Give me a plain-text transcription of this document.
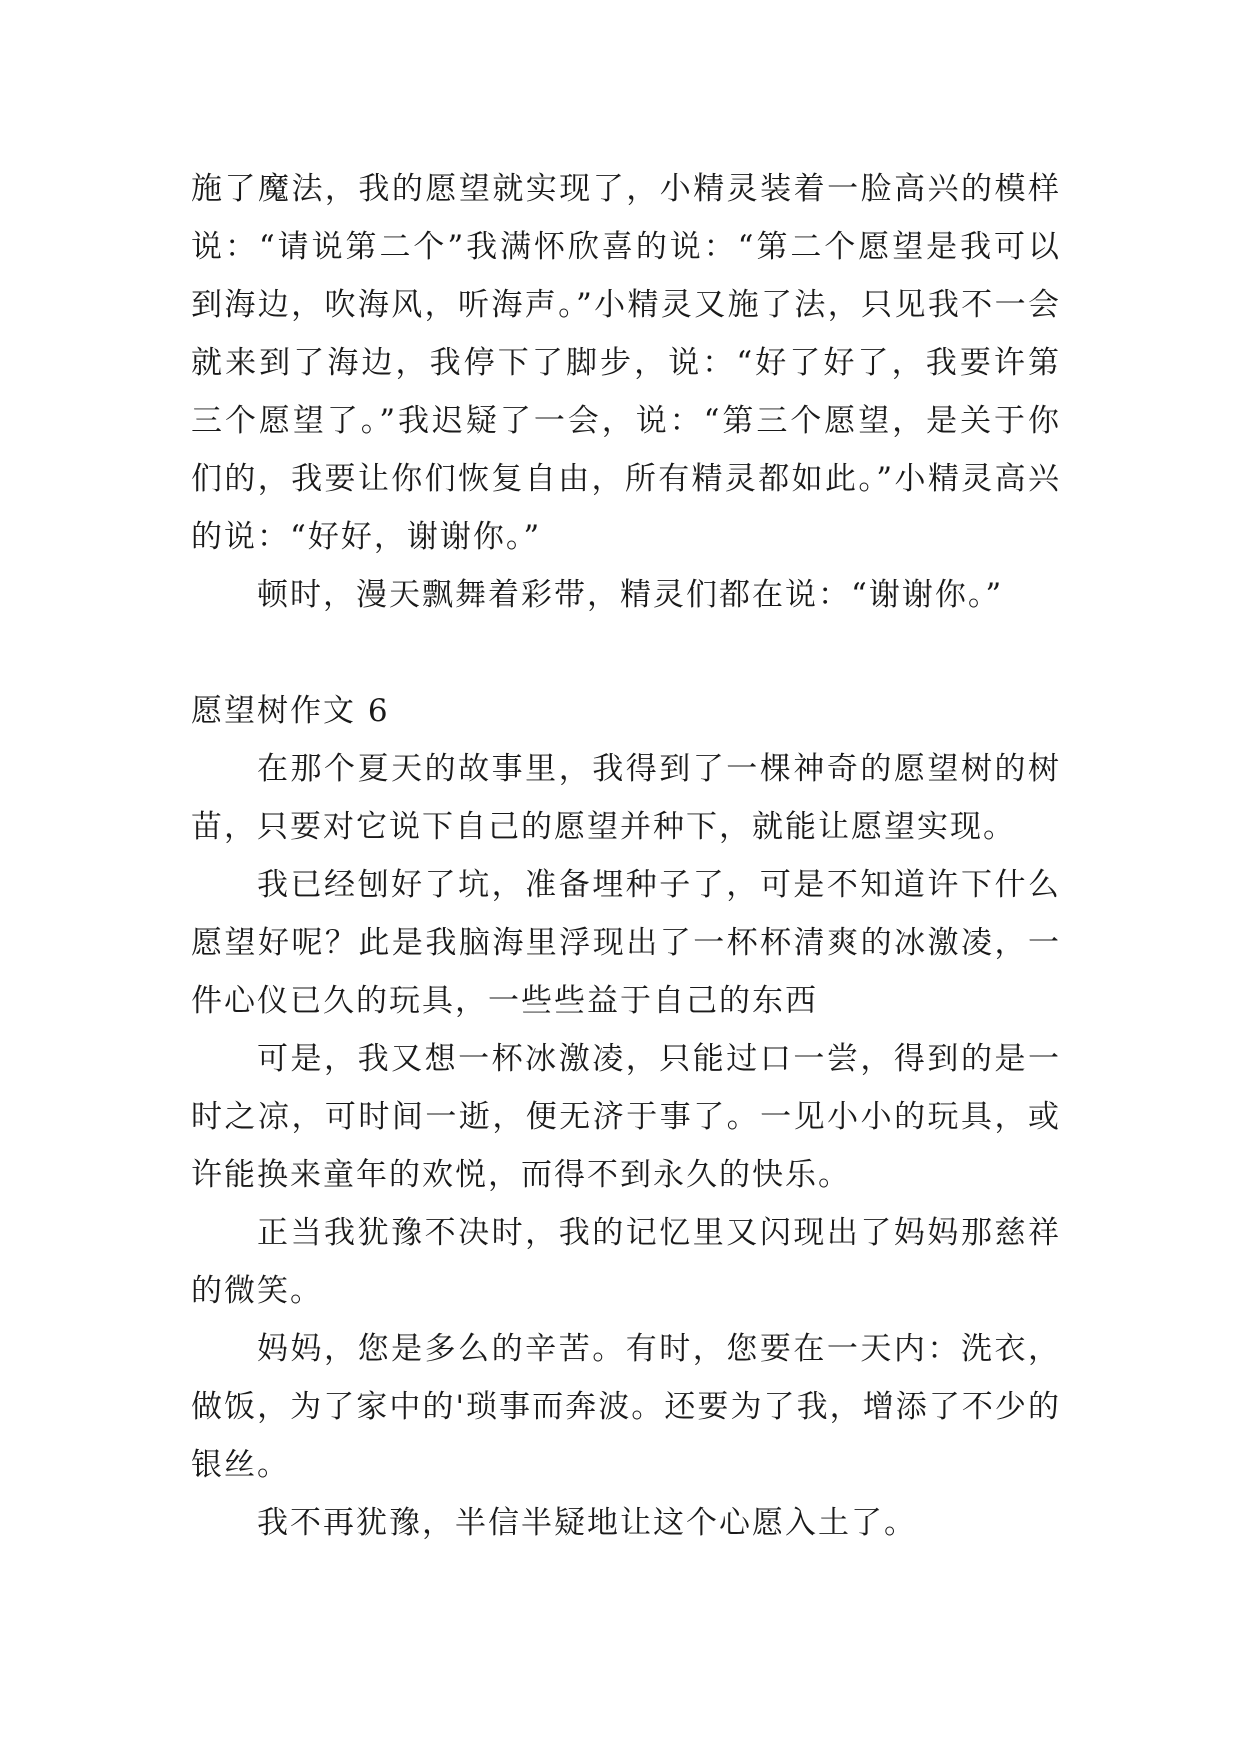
施了魔法，我的愿望就实现了，小精灵装着一脸高兴的模样说：“请说第二个”我满怀欣喜的说：“第二个愿望是我可以到海边，吹海风，听海声。”小精灵又施了法，只见我不一会就来到了海边，我停下了脚步，说：“好了好了，我要许第三个愿望了。”我迟疑了一会，说：“第三个愿望，是关于你们的，我要让你们恢复自由，所有精灵都如此。”小精灵高兴的说：“好好，谢谢你。”

顿时，漫天飘舞着彩带，精灵们都在说：“谢谢你。”

愿望树作文 6

在那个夏天的故事里，我得到了一棵神奇的愿望树的树苗，只要对它说下自己的愿望并种下，就能让愿望实现。

我已经刨好了坑，准备埋种子了，可是不知道许下什么愿望好呢？此是我脑海里浮现出了一杯杯清爽的冰激凌，一件心仪已久的玩具，一些些益于自己的东西

可是，我又想一杯冰激凌，只能过口一尝，得到的是一时之凉，可时间一逝，便无济于事了。一见小小的玩具，或许能换来童年的欢悦，而得不到永久的快乐。

正当我犹豫不决时，我的记忆里又闪现出了妈妈那慈祥的微笑。

妈妈，您是多么的辛苦。有时，您要在一天内：洗衣，做饭，为了家中的'琐事而奔波。还要为了我，增添了不少的银丝。

我不再犹豫，半信半疑地让这个心愿入土了。
